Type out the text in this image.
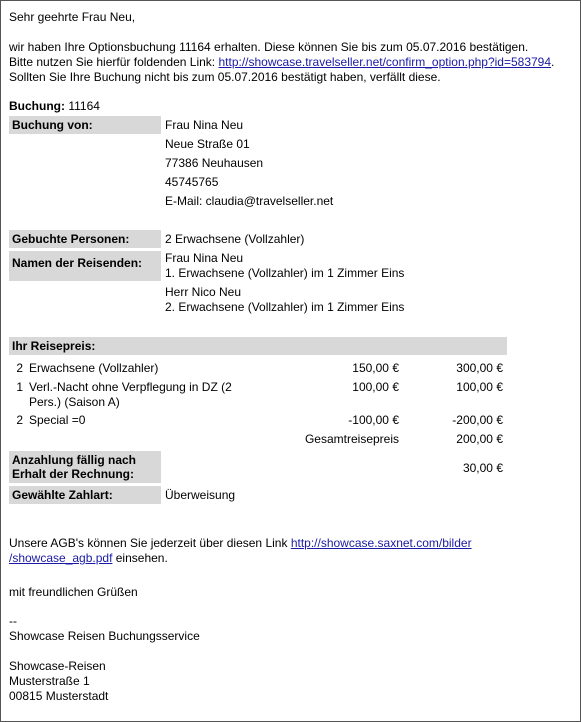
Sehr geehrte Frau Neu,
wir haben Ihre Optionsbuchung 11164 erhalten. Diese können Sie bis zum 05.07.2016 bestätigen.
Bitte nutzen Sie hierfür foldenden Link: http://showcase.travelseller.net/confirm_option.php?id=583794.
Sollten Sie Ihre Buchung nicht bis zum 05.07.2016 bestätigt haben, verfällt diese.
Buchung: 11164
Buchung von:	Frau Nina Neu
Neue Straße 01
77386 Neuhausen
45745765
E-Mail: claudia@travelseller.net
Gebuchte Personen:	2 Erwachsene (Vollzahler)
Namen der Reisenden:	Frau Nina Neu
1. Erwachsene (Vollzahler) im 1 Zimmer Eins
Herr Nico Neu
2. Erwachsene (Vollzahler) im 1 Zimmer Eins
Ihr Reisepreis:
2 Erwachsene (Vollzahler)	150,00 €	300,00 €
1 Verl.-Nacht ohne Verpflegung in DZ (2
Pers.) (Saison A)
100,00 €	100,00 €
2 Special =0	-100,00 €	-200,00 €
Gesamtreisepreis	200,00 €
Anzahlung fällig nach
Erhalt der Rechnung:	30,00 €
Gewählte Zahlart:	Überweisung
Unsere AGB's können Sie jederzeit über diesen Link http://showcase.saxnet.com/bilder
/showcase_agb.pdf einsehen.
mit freundlichen Grüßen
--
Showcase Reisen Buchungsservice
Showcase-Reisen
Musterstraße 1
00815 Musterstadt
